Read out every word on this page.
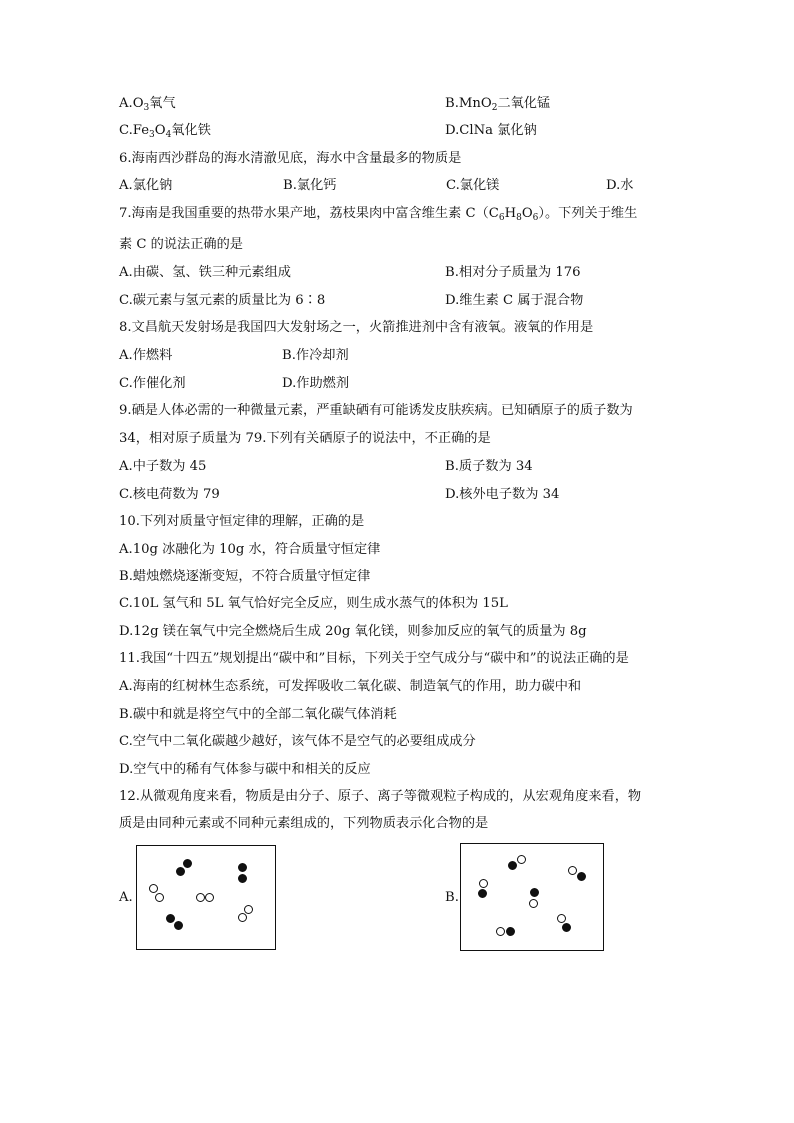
$A.O_3$氧气	B.MnO$_2$二氧化锰
$C.Fe_3O_4$氧化铁	D.ClNa 氯化钠
6.海南西沙群岛的海水清澈见底，海水中含量最多的物质是
A.氯化钠	B.氯化钙	C.氯化镁	D.水
7.海南是我国重要的热带水果产地，荔枝果肉中富含维生素 $C(C_6H_8O_6)$。下列关于维生
素 C 的说法正确的是
A.由碳、氢、铁三种元素组成	B.相对分子质量为 176
C.碳元素与氢元素的质量比为 6∶8	D.维生素 C 属于混合物
8.文昌航天发射场是我国四大发射场之一，火箭推进剂中含有液氧。液氧的作用是
A.作燃料	B.作冷却剂
C.作催化剂	D.作助燃剂
9.硒是人体必需的一种微量元素，严重缺硒有可能诱发皮肤疾病。已知硒原子的质子数为
34，相对原子质量为 79.下列有关硒原子的说法中，不正确的是
A.中子数为 45	B.质子数为 34
C.核电荷数为 79	D.核外电子数为 34
10.下列对质量守恒定律的理解，正确的是
A.10g 冰融化为 10g 水，符合质量守恒定律
B.蜡烛燃烧逐渐变短，不符合质量守恒定律
C.10L 氢气和 5L 氧气恰好完全反应，则生成水蒸气的体积为 15L
D.12g 镁在氧气中完全燃烧后生成 20g 氧化镁，则参加反应的氧气的质量为 8g
11.我国“十四五”规划提出“碳中和”目标，下列关于空气成分与“碳中和”的说法正确的是
A.海南的红树林生态系统，可发挥吸收二氧化碳、制造氧气的作用，助力碳中和
B.碳中和就是将空气中的全部二氧化碳气体消耗
C.空气中二氧化碳越少越好，该气体不是空气的必要组成成分
D.空气中的稀有气体参与碳中和相关的反应
12.从微观角度来看，物质是由分子、原子、离子等微观粒子构成的，从宏观角度来看，物
质是由同种元素或不同种元素组成的，下列物质表示化合物的是
A.	B.
